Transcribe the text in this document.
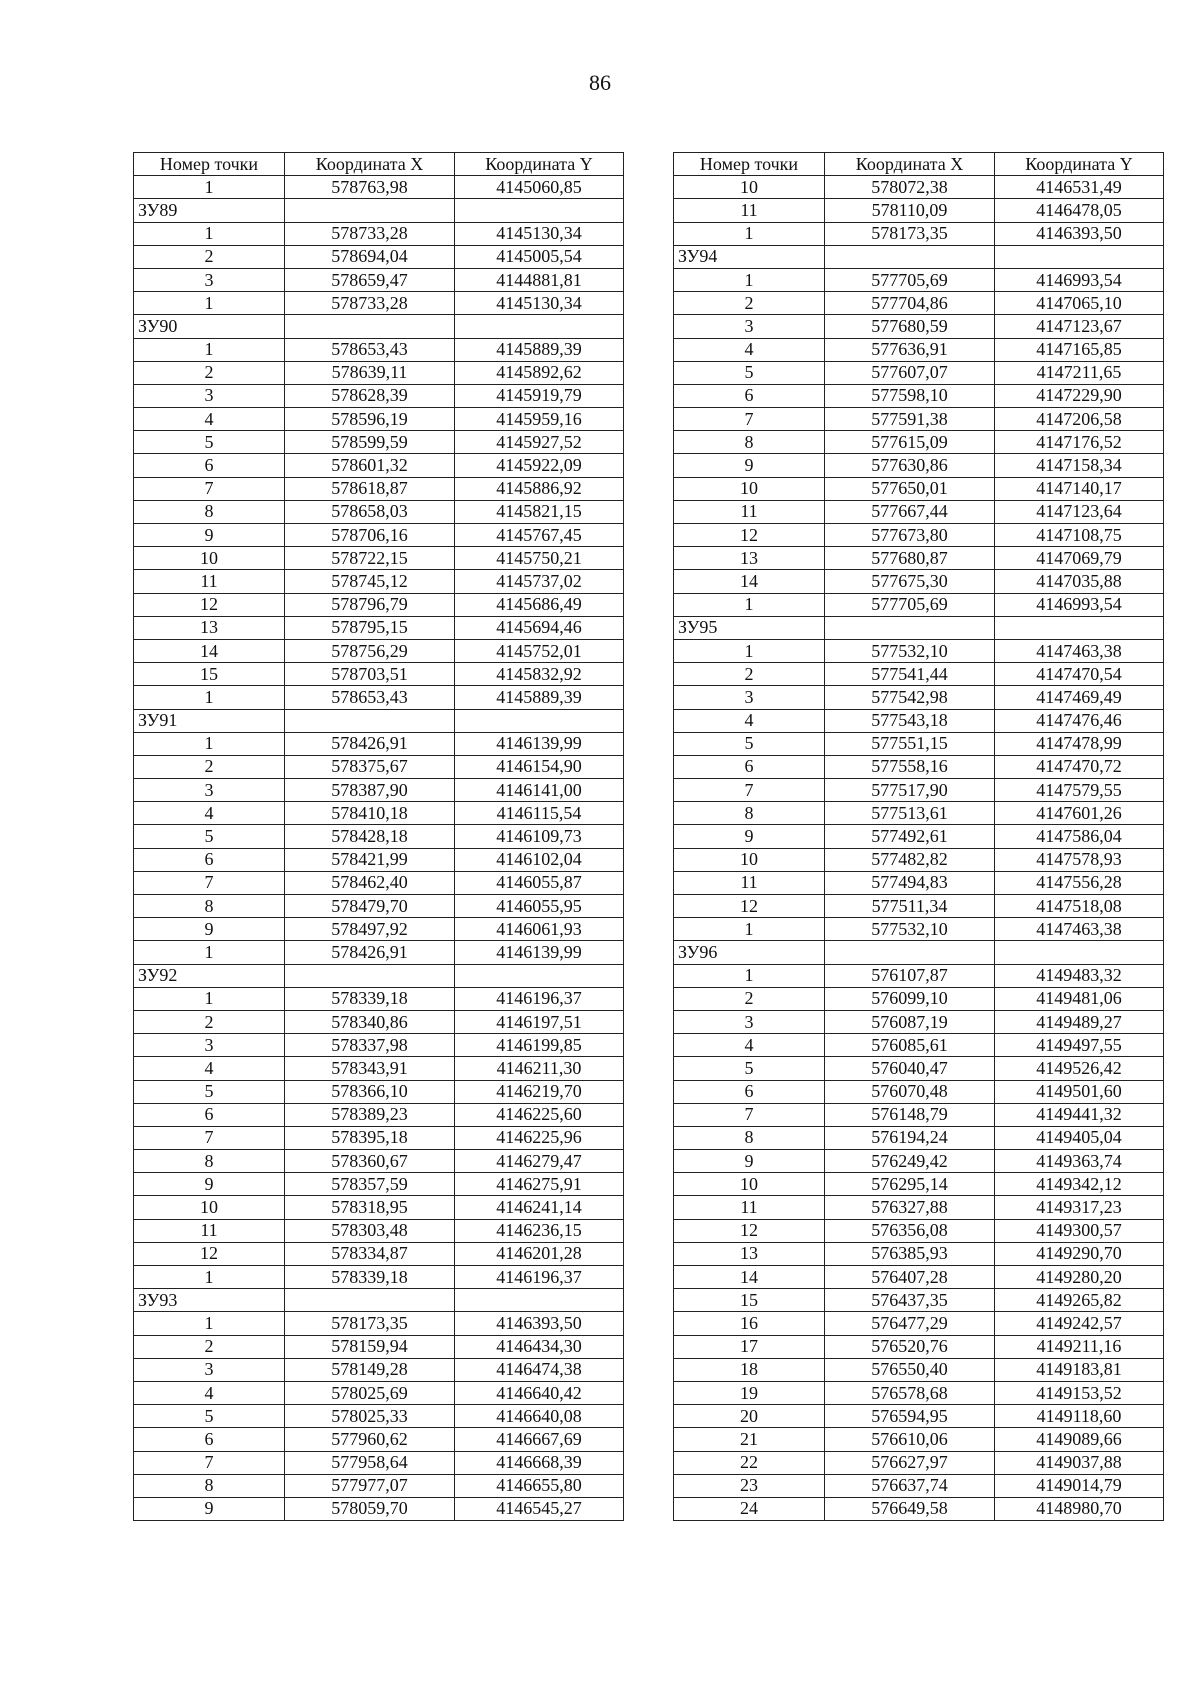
86
Номер точки	Координата X	Координата Y
1	578763,98	4145060,85
ЗУ89		
1	578733,28	4145130,34
2	578694,04	4145005,54
3	578659,47	4144881,81
1	578733,28	4145130,34
ЗУ90		
1	578653,43	4145889,39
2	578639,11	4145892,62
3	578628,39	4145919,79
4	578596,19	4145959,16
5	578599,59	4145927,52
6	578601,32	4145922,09
7	578618,87	4145886,92
8	578658,03	4145821,15
9	578706,16	4145767,45
10	578722,15	4145750,21
11	578745,12	4145737,02
12	578796,79	4145686,49
13	578795,15	4145694,46
14	578756,29	4145752,01
15	578703,51	4145832,92
1	578653,43	4145889,39
ЗУ91		
1	578426,91	4146139,99
2	578375,67	4146154,90
3	578387,90	4146141,00
4	578410,18	4146115,54
5	578428,18	4146109,73
6	578421,99	4146102,04
7	578462,40	4146055,87
8	578479,70	4146055,95
9	578497,92	4146061,93
1	578426,91	4146139,99
ЗУ92		
1	578339,18	4146196,37
2	578340,86	4146197,51
3	578337,98	4146199,85
4	578343,91	4146211,30
5	578366,10	4146219,70
6	578389,23	4146225,60
7	578395,18	4146225,96
8	578360,67	4146279,47
9	578357,59	4146275,91
10	578318,95	4146241,14
11	578303,48	4146236,15
12	578334,87	4146201,28
1	578339,18	4146196,37
ЗУ93		
1	578173,35	4146393,50
2	578159,94	4146434,30
3	578149,28	4146474,38
4	578025,69	4146640,42
5	578025,33	4146640,08
6	577960,62	4146667,69
7	577958,64	4146668,39
8	577977,07	4146655,80
9	578059,70	4146545,27
Номер точки	Координата X	Координата Y
10	578072,38	4146531,49
11	578110,09	4146478,05
1	578173,35	4146393,50
ЗУ94		
1	577705,69	4146993,54
2	577704,86	4147065,10
3	577680,59	4147123,67
4	577636,91	4147165,85
5	577607,07	4147211,65
6	577598,10	4147229,90
7	577591,38	4147206,58
8	577615,09	4147176,52
9	577630,86	4147158,34
10	577650,01	4147140,17
11	577667,44	4147123,64
12	577673,80	4147108,75
13	577680,87	4147069,79
14	577675,30	4147035,88
1	577705,69	4146993,54
ЗУ95		
1	577532,10	4147463,38
2	577541,44	4147470,54
3	577542,98	4147469,49
4	577543,18	4147476,46
5	577551,15	4147478,99
6	577558,16	4147470,72
7	577517,90	4147579,55
8	577513,61	4147601,26
9	577492,61	4147586,04
10	577482,82	4147578,93
11	577494,83	4147556,28
12	577511,34	4147518,08
1	577532,10	4147463,38
ЗУ96		
1	576107,87	4149483,32
2	576099,10	4149481,06
3	576087,19	4149489,27
4	576085,61	4149497,55
5	576040,47	4149526,42
6	576070,48	4149501,60
7	576148,79	4149441,32
8	576194,24	4149405,04
9	576249,42	4149363,74
10	576295,14	4149342,12
11	576327,88	4149317,23
12	576356,08	4149300,57
13	576385,93	4149290,70
14	576407,28	4149280,20
15	576437,35	4149265,82
16	576477,29	4149242,57
17	576520,76	4149211,16
18	576550,40	4149183,81
19	576578,68	4149153,52
20	576594,95	4149118,60
21	576610,06	4149089,66
22	576627,97	4149037,88
23	576637,74	4149014,79
24	576649,58	4148980,70
